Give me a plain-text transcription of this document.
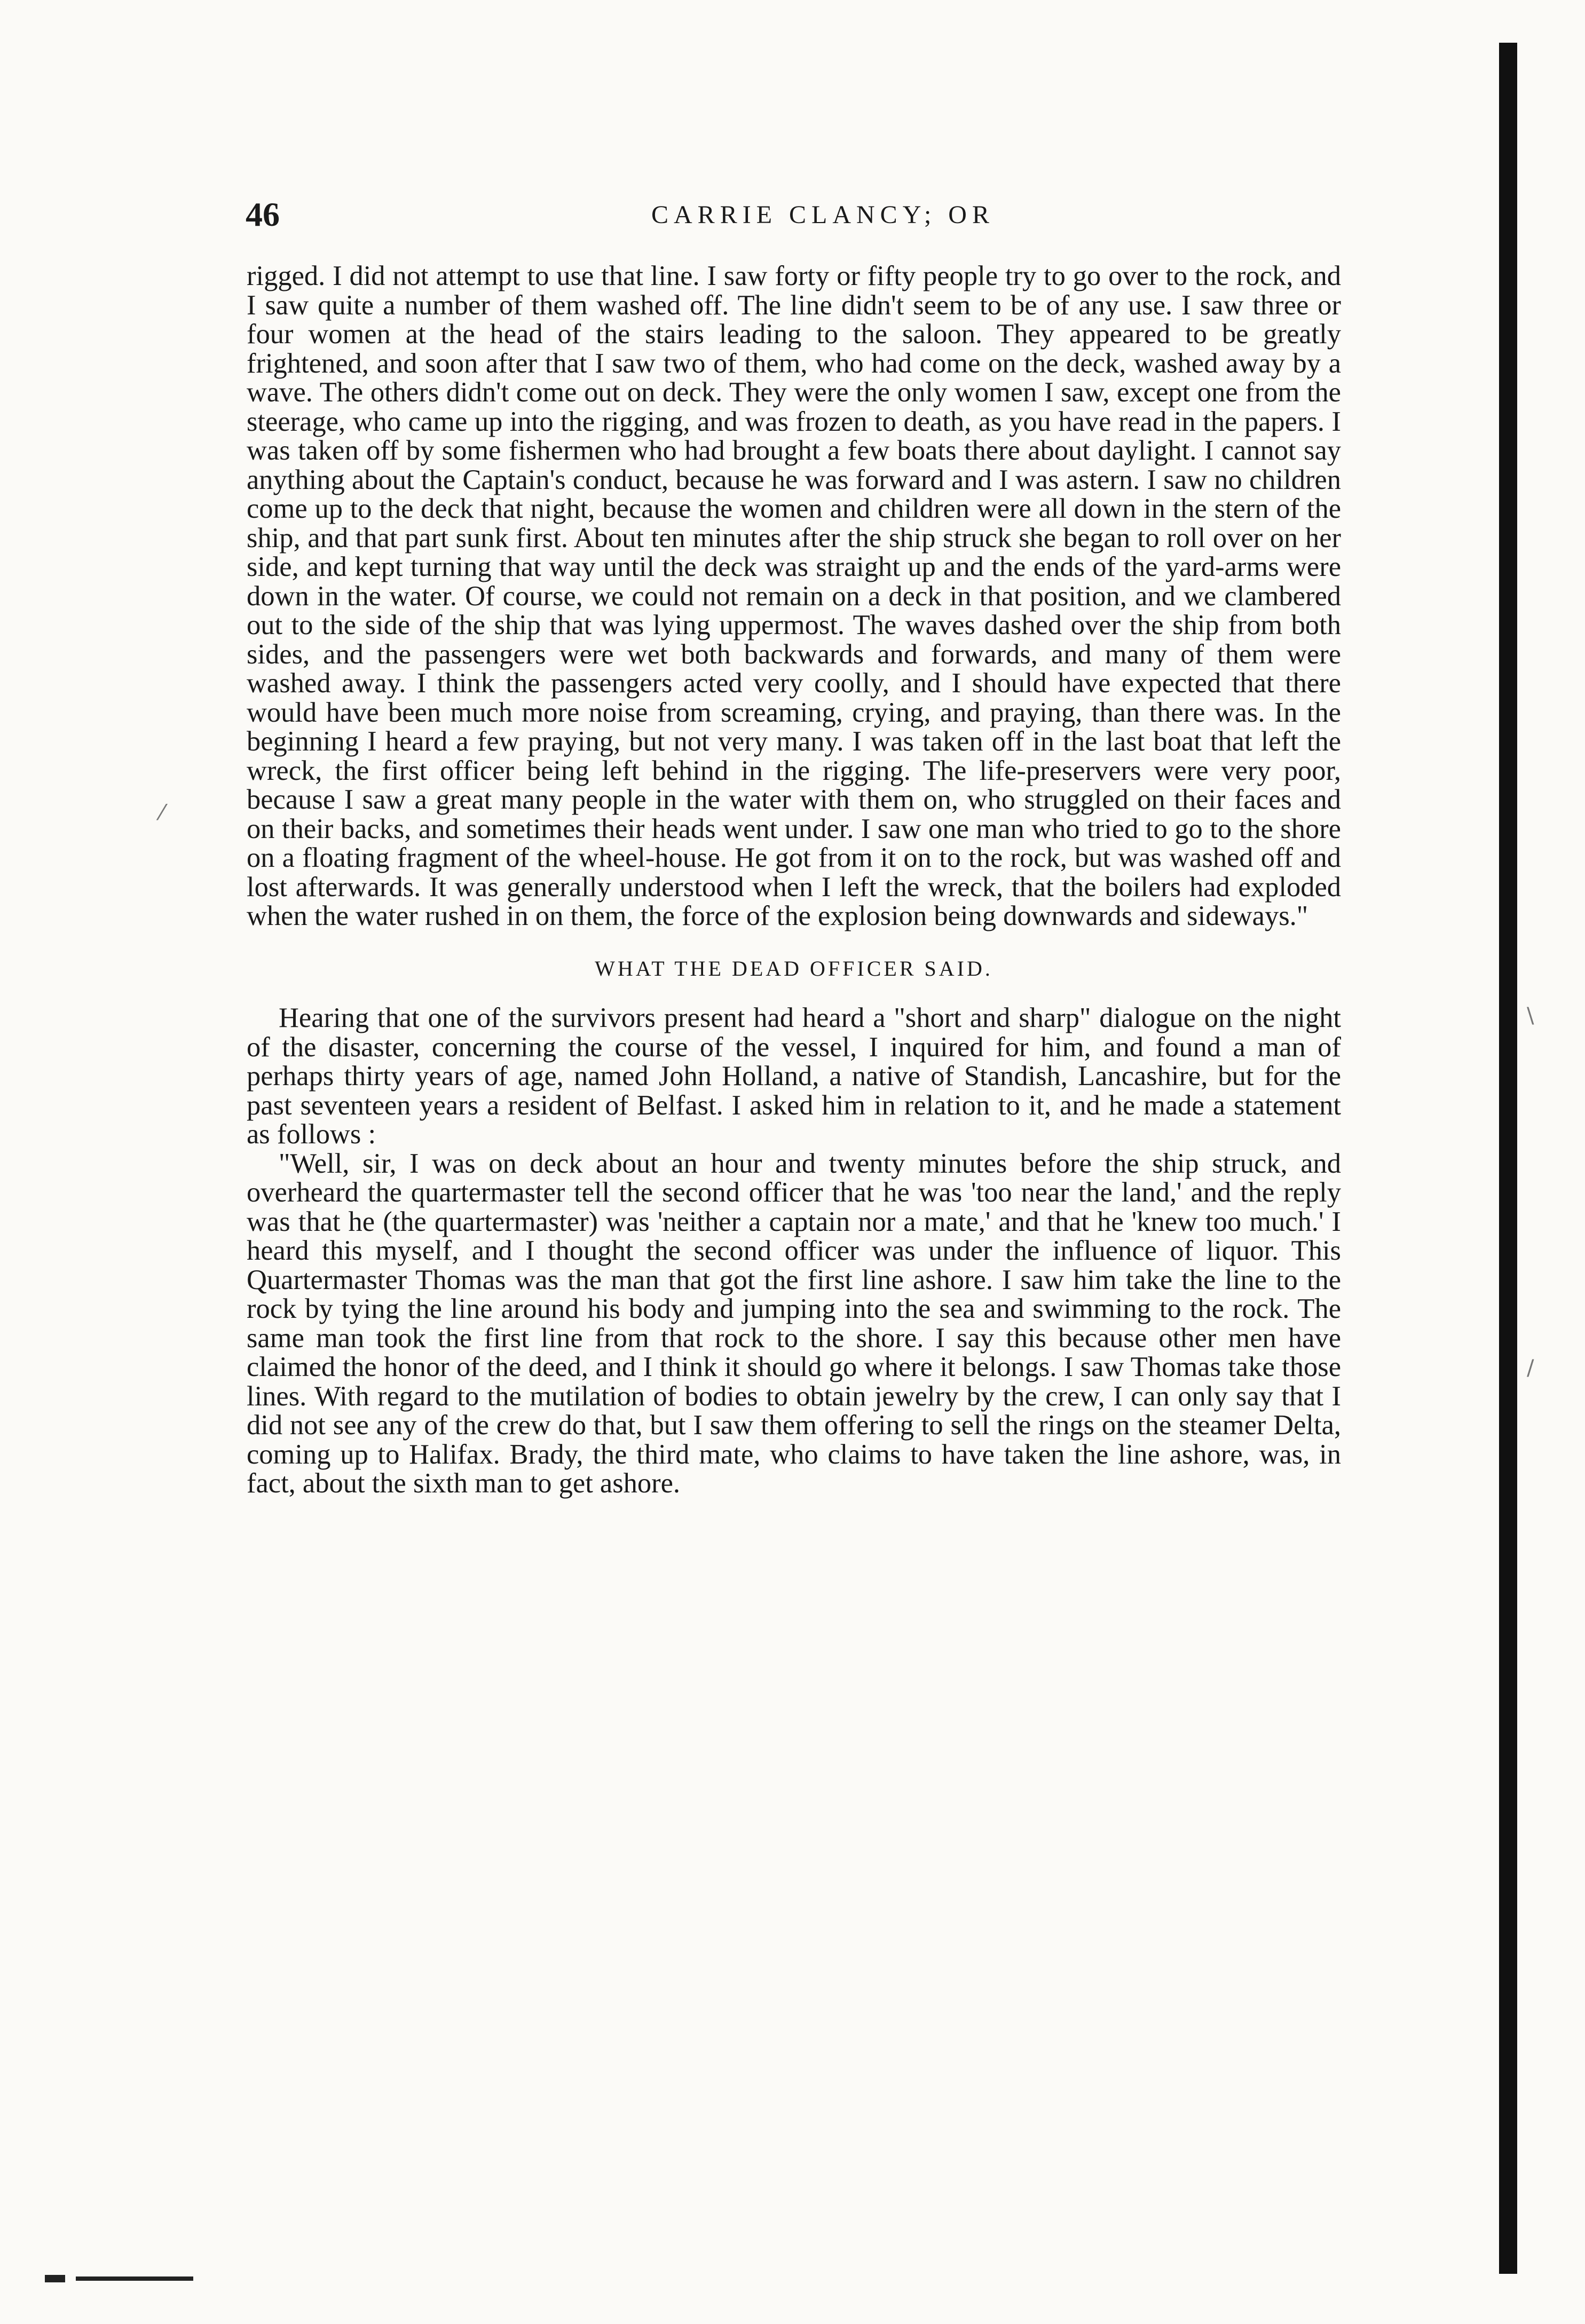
46	CARRIE CLANCY; OR

rigged. I did not attempt to use that line. I saw forty or fifty people try to go over to the rock, and I saw quite a number of them washed off. The line didn't seem to be of any use. I saw three or four women at the head of the stairs leading to the saloon. They appeared to be greatly frightened, and soon after that I saw two of them, who had come on the deck, washed away by a wave. The others didn't come out on deck. They were the only women I saw, except one from the steerage, who came up into the rigging, and was frozen to death, as you have read in the papers. I was taken off by some fishermen who had brought a few boats there about daylight. I cannot say anything about the Captain's conduct, because he was forward and I was astern. I saw no children come up to the deck that night, because the women and children were all down in the stern of the ship, and that part sunk first. About ten minutes after the ship struck she began to roll over on her side, and kept turning that way until the deck was straight up and the ends of the yard-arms were down in the water. Of course, we could not remain on a deck in that position, and we clambered out to the side of the ship that was lying uppermost. The waves dashed over the ship from both sides, and the passengers were wet both backwards and forwards, and many of them were washed away. I think the passengers acted very coolly, and I should have expected that there would have been much more noise from screaming, crying, and praying, than there was. In the beginning I heard a few praying, but not very many. I was taken off in the last boat that left the wreck, the first officer being left behind in the rigging. The life-preservers were very poor, because I saw a great many people in the water with them on, who struggled on their faces and on their backs, and sometimes their heads went under. I saw one man who tried to go to the shore on a floating fragment of the wheel-house. He got from it on to the rock, but was washed off and lost afterwards. It was generally understood when I left the wreck, that the boilers had exploded when the water rushed in on them, the force of the explosion being downwards and sideways."

WHAT THE DEAD OFFICER SAID.

Hearing that one of the survivors present had heard a "short and sharp" dialogue on the night of the disaster, concerning the course of the vessel, I inquired for him, and found a man of perhaps thirty years of age, named John Holland, a native of Standish, Lancashire, but for the past seventeen years a resident of Belfast. I asked him in relation to it, and he made a statement as follows :

"Well, sir, I was on deck about an hour and twenty minutes before the ship struck, and overheard the quartermaster tell the second officer that he was 'too near the land,' and the reply was that he (the quartermaster) was 'neither a captain nor a mate,' and that he 'knew too much.' I heard this myself, and I thought the second officer was under the influence of liquor. This Quartermaster Thomas was the man that got the first line ashore. I saw him take the line to the rock by tying the line around his body and jumping into the sea and swimming to the rock. The same man took the first line from that rock to the shore. I say this because other men have claimed the honor of the deed, and I think it should go where it belongs. I saw Thomas take those lines. With regard to the mutilation of bodies to obtain jewelry by the crew, I can only say that I did not see any of the crew do that, but I saw them offering to sell the rings on the steamer Delta, coming up to Halifax. Brady, the third mate, who claims to have taken the line ashore, was, in fact, about the sixth man to get ashore.

⁄
\
/
